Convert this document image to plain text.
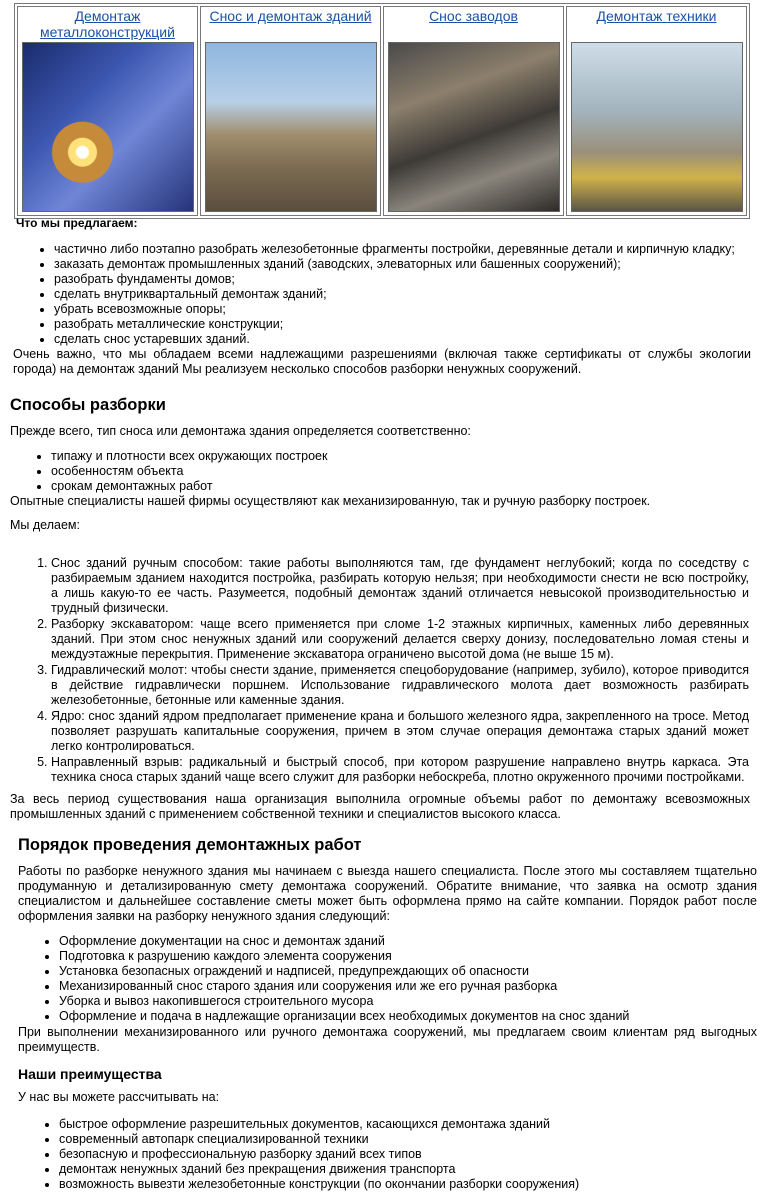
Демонтаж металлоконструкций

Снос и демонтаж зданий	Снос заводов	Демонтаж техники

Что мы предлагаем:

• частично либо поэтапно разобрать железобетонные фрагменты постройки, деревянные детали и кирпичную кладку;
• заказать демонтаж промышленных зданий (заводских, элеваторных или башенных сооружений);
• разобрать фундаменты домов;
• сделать внутриквартальный демонтаж зданий;
• убрать всевозможные опоры;
• разобрать металлические конструкции;
• сделать снос устаревших зданий.

Очень важно, что мы обладаем всеми надлежащими разрешениями (включая также сертификаты от службы экологии города) на демонтаж зданий Мы реализуем несколько способов разборки ненужных сооружений.

Способы разборки

Прежде всего, тип сноса или демонтажа здания определяется соответственно:

• типажу и плотности всех окружающих построек
• особенностям объекта
• срокам демонтажных работ

Опытные специалисты нашей фирмы осуществляют как механизированную, так и ручную разборку построек.

Мы делаем:

1. Снос зданий ручным способом: такие работы выполняются там, где фундамент неглубокий; когда по соседству с разбираемым зданием находится постройка, разбирать которую нельзя; при необходимости снести не всю постройку, а лишь какую-то ее часть. Разумеется, подобный демонтаж зданий отличается невысокой производительностью и трудный физически.
2. Разборку экскаватором: чаще всего применяется при сломе 1-2 этажных кирпичных, каменных либо деревянных зданий. При этом снос ненужных зданий или сооружений делается сверху донизу, последовательно ломая стены и междуэтажные перекрытия. Применение экскаватора ограничено высотой дома (не выше 15 м).
3. Гидравлический молот: чтобы снести здание, применяется спецоборудование (например, зубило), которое приводится в действие гидравлически поршнем. Использование гидравлического молота дает возможность разбирать железобетонные, бетонные или каменные здания.
4. Ядро: снос зданий ядром предполагает применение крана и большого железного ядра, закрепленного на тросе. Метод позволяет разрушать капитальные сооружения, причем в этом случае операция демонтажа старых зданий может легко контролироваться.
5. Направленный взрыв: радикальный и быстрый способ, при котором разрушение направлено внутрь каркаса. Эта техника сноса старых зданий чаще всего служит для разборки небоскреба, плотно окруженного прочими постройками.

За весь период существования наша организация выполнила огромные объемы работ по демонтажу всевозможных промышленных зданий с применением собственной техники и специалистов высокого класса.

Порядок проведения демонтажных работ

Работы по разборке ненужного здания мы начинаем с выезда нашего специалиста. После этого мы составляем тщательно продуманную и детализированную смету демонтажа сооружений. Обратите внимание, что заявка на осмотр здания специалистом и дальнейшее составление сметы может быть оформлена прямо на сайте компании. Порядок работ после оформления заявки на разборку ненужного здания следующий:

• Оформление документации на снос и демонтаж зданий
• Подготовка к разрушению каждого элемента сооружения
• Установка безопасных ограждений и надписей, предупреждающих об опасности
• Механизированный снос старого здания или сооружения или же его ручная разборка
• Уборка и вывоз накопившегося строительного мусора
• Оформление и подача в надлежащие организации всех необходимых документов на снос зданий

При выполнении механизированного или ручного демонтажа сооружений, мы предлагаем своим клиентам ряд выгодных преимуществ.

Наши преимущества

У нас вы можете рассчитывать на:

• быстрое оформление разрешительных документов, касающихся демонтажа зданий
• современный автопарк специализированной техники
• безопасную и профессиональную разборку зданий всех типов
• демонтаж ненужных зданий без прекращения движения транспорта
• возможность вывезти железобетонные конструкции (по окончании разборки сооружения)
